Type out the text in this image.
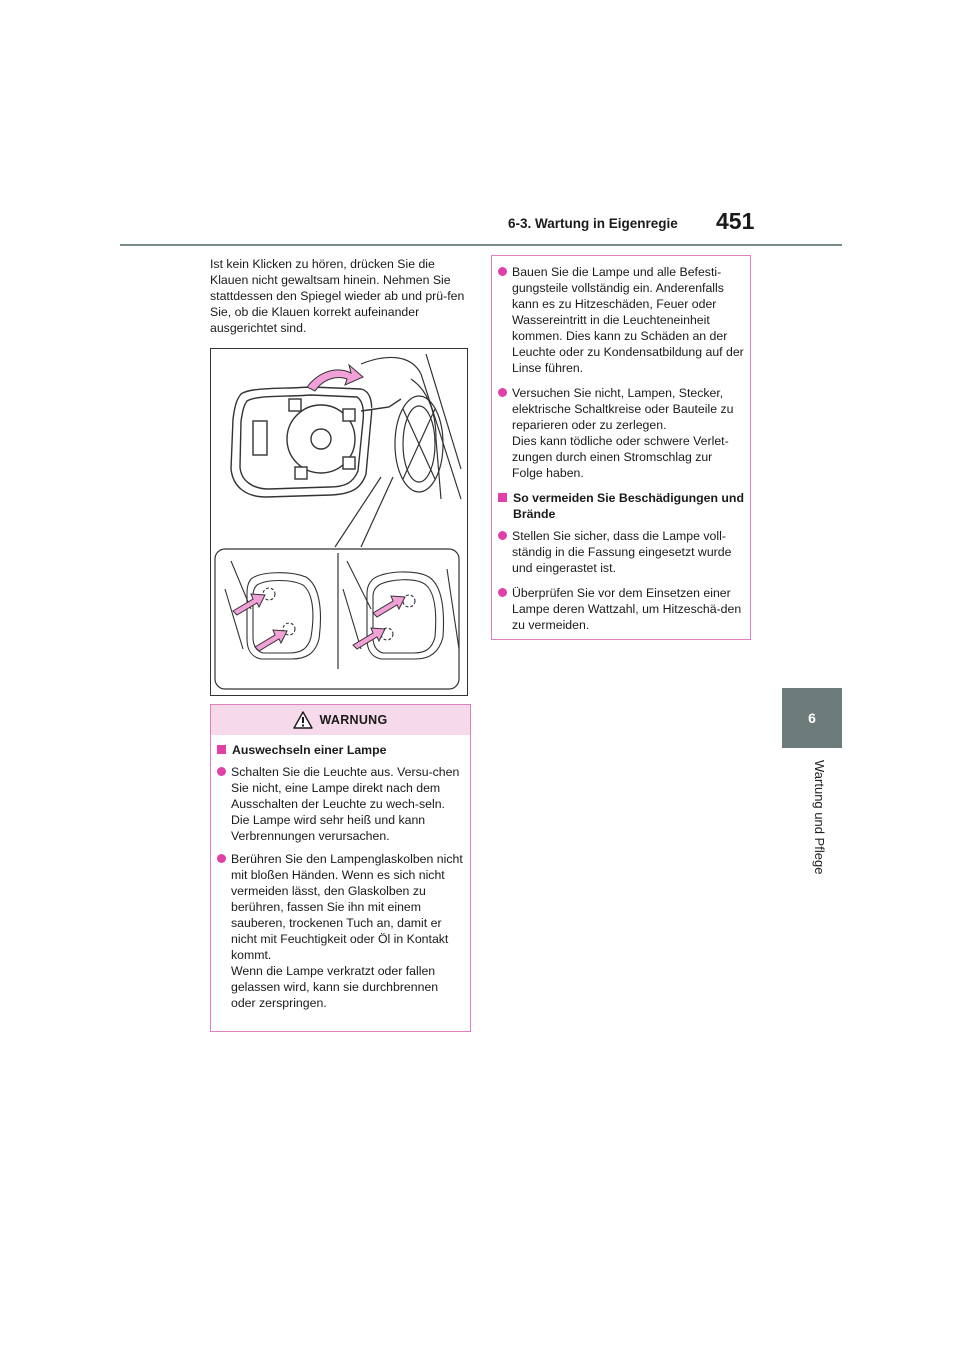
6-3. Wartung in Eigenregie 451
6
Wartung und Pflege

Ist kein Klicken zu hören, drücken Sie die Klauen nicht gewaltsam hinein. Nehmen Sie stattdessen den Spiegel wieder ab und prü-fen Sie, ob die Klauen korrekt aufeinander ausgerichtet sind.

WARNUNG
Auswechseln einer Lampe
Schalten Sie die Leuchte aus. Versu-chen Sie nicht, eine Lampe direkt nach dem Ausschalten der Leuchte zu wech-seln.
Die Lampe wird sehr heiß und kann Verbrennungen verursachen.
Berühren Sie den Lampenglaskolben nicht mit bloßen Händen. Wenn es sich nicht vermeiden lässt, den Glaskolben zu berühren, fassen Sie ihn mit einem sauberen, trockenen Tuch an, damit er nicht mit Feuchtigkeit oder Öl in Kontakt kommt.
Wenn die Lampe verkratzt oder fallen gelassen wird, kann sie durchbrennen oder zerspringen.
Bauen Sie die Lampe und alle Befesti-gungsteile vollständig ein. Anderenfalls kann es zu Hitzeschäden, Feuer oder Wassereintritt in die Leuchteneinheit kommen. Dies kann zu Schäden an der Leuchte oder zu Kondensatbildung auf der Linse führen.
Versuchen Sie nicht, Lampen, Stecker, elektrische Schaltkreise oder Bauteile zu reparieren oder zu zerlegen.
Dies kann tödliche oder schwere Verlet-zungen durch einen Stromschlag zur Folge haben.
So vermeiden Sie Beschädigungen und Brände
Stellen Sie sicher, dass die Lampe voll-ständig in die Fassung eingesetzt wurde und eingerastet ist.
Überprüfen Sie vor dem Einsetzen einer Lampe deren Wattzahl, um Hitzeschä-den zu vermeiden.
